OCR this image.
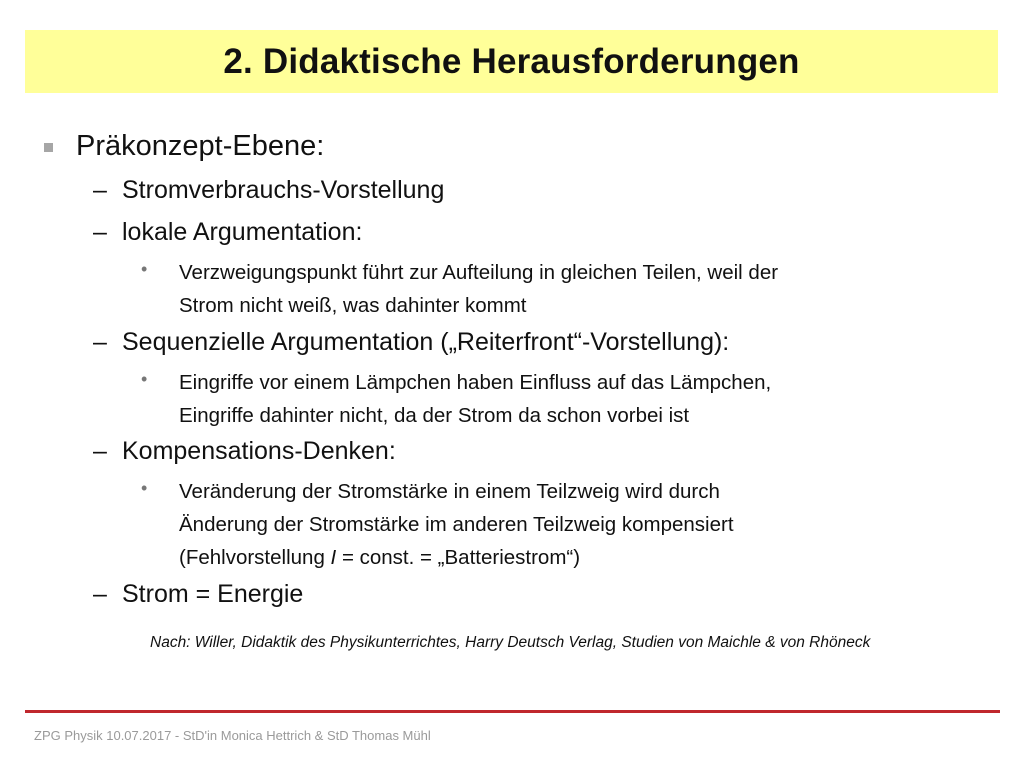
2. Didaktische Herausforderungen
Präkonzept-Ebene:
– Stromverbrauchs-Vorstellung
– lokale Argumentation:
• Verzweigungspunkt führt zur Aufteilung in gleichen Teilen, weil der
Strom nicht weiß, was dahinter kommt
– Sequenzielle Argumentation („Reiterfront“-Vorstellung):
• Eingriffe vor einem Lämpchen haben Einfluss auf das Lämpchen,
Eingriffe dahinter nicht, da der Strom da schon vorbei ist
– Kompensations-Denken:
• Veränderung der Stromstärke in einem Teilzweig wird durch
Änderung der Stromstärke im anderen Teilzweig kompensiert
(Fehlvorstellung I = const. = „Batteriestrom“)
– Strom = Energie
Nach: Willer, Didaktik des Physikunterrichtes, Harry Deutsch Verlag, Studien von Maichle & von Rhöneck
ZPG Physik 10.07.2017 - StD'in Monica Hettrich & StD Thomas Mühl
